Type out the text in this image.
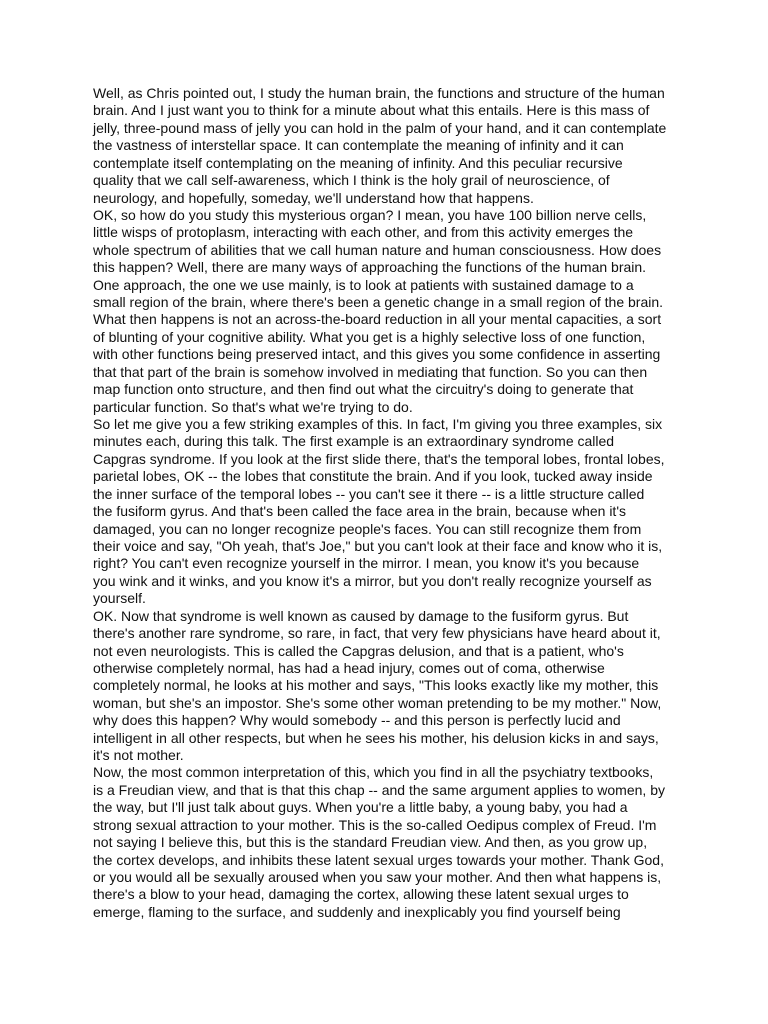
Well, as Chris pointed out, I study the human brain, the functions and structure of the human
brain. And I just want you to think for a minute about what this entails. Here is this mass of
jelly, three-pound mass of jelly you can hold in the palm of your hand, and it can contemplate
the vastness of interstellar space. It can contemplate the meaning of infinity and it can
contemplate itself contemplating on the meaning of infinity. And this peculiar recursive
quality that we call self-awareness, which I think is the holy grail of neuroscience, of
neurology, and hopefully, someday, we'll understand how that happens.

OK, so how do you study this mysterious organ? I mean, you have 100 billion nerve cells,
little wisps of protoplasm, interacting with each other, and from this activity emerges the
whole spectrum of abilities that we call human nature and human consciousness. How does
this happen? Well, there are many ways of approaching the functions of the human brain.
One approach, the one we use mainly, is to look at patients with sustained damage to a
small region of the brain, where there's been a genetic change in a small region of the brain.
What then happens is not an across-the-board reduction in all your mental capacities, a sort
of blunting of your cognitive ability. What you get is a highly selective loss of one function,
with other functions being preserved intact, and this gives you some confidence in asserting
that that part of the brain is somehow involved in mediating that function. So you can then
map function onto structure, and then find out what the circuitry's doing to generate that
particular function. So that's what we're trying to do.

So let me give you a few striking examples of this. In fact, I'm giving you three examples, six
minutes each, during this talk. The first example is an extraordinary syndrome called
Capgras syndrome. If you look at the first slide there, that's the temporal lobes, frontal lobes,
parietal lobes, OK -- the lobes that constitute the brain. And if you look, tucked away inside
the inner surface of the temporal lobes -- you can't see it there -- is a little structure called
the fusiform gyrus. And that's been called the face area in the brain, because when it's
damaged, you can no longer recognize people's faces. You can still recognize them from
their voice and say, "Oh yeah, that's Joe," but you can't look at their face and know who it is,
right? You can't even recognize yourself in the mirror. I mean, you know it's you because
you wink and it winks, and you know it's a mirror, but you don't really recognize yourself as
yourself.

OK. Now that syndrome is well known as caused by damage to the fusiform gyrus. But
there's another rare syndrome, so rare, in fact, that very few physicians have heard about it,
not even neurologists. This is called the Capgras delusion, and that is a patient, who's
otherwise completely normal, has had a head injury, comes out of coma, otherwise
completely normal, he looks at his mother and says, "This looks exactly like my mother, this
woman, but she's an impostor. She's some other woman pretending to be my mother." Now,
why does this happen? Why would somebody -- and this person is perfectly lucid and
intelligent in all other respects, but when he sees his mother, his delusion kicks in and says,
it's not mother.

Now, the most common interpretation of this, which you find in all the psychiatry textbooks,
is a Freudian view, and that is that this chap -- and the same argument applies to women, by
the way, but I'll just talk about guys. When you're a little baby, a young baby, you had a
strong sexual attraction to your mother. This is the so-called Oedipus complex of Freud. I'm
not saying I believe this, but this is the standard Freudian view. And then, as you grow up,
the cortex develops, and inhibits these latent sexual urges towards your mother. Thank God,
or you would all be sexually aroused when you saw your mother. And then what happens is,
there's a blow to your head, damaging the cortex, allowing these latent sexual urges to
emerge, flaming to the surface, and suddenly and inexplicably you find yourself being
